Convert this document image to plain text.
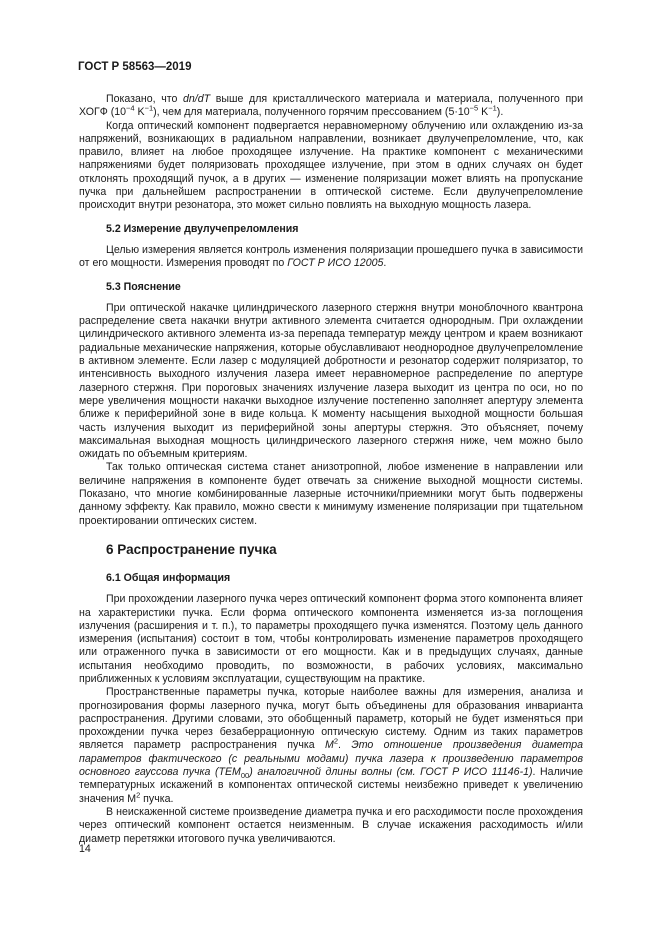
ГОСТ Р 58563—2019

Показано, что dn/dT выше для кристаллического материала и материала, полученного при ХОГФ ($10^{-4}$ $K^{-1}$), чем для материала, полученного горячим прессованием ($5\cdot 10^{-5}$ $K^{-1}$).

Когда оптический компонент подвергается неравномерному облучению или охлаждению из-за напряжений, возникающих в радиальном направлении, возникает двулучепреломление, что, как правило, влияет на любое проходящее излучение. На практике компонент с механическими напряжениями будет поляризовать проходящее излучение, при этом в одних случаях он будет отклонять проходящий пучок, а в других — изменение поляризации может влиять на пропускание пучка при дальнейшем распространении в оптической системе. Если двулучепреломление происходит внутри резонатора, это может сильно повлиять на выходную мощность лазера.

5.2 Измерение двулучепреломления

Целью измерения является контроль изменения поляризации прошедшего пучка в зависимости от его мощности. Измерения проводят по ГОСТ Р ИСО 12005.

5.3 Пояснение

При оптической накачке цилиндрического лазерного стержня внутри моноблочного квантрона распределение света накачки внутри активного элемента считается однородным. При охлаждении цилиндрического активного элемента из-за перепада температур между центром и краем возникают радиальные механические напряжения, которые обуславливают неоднородное двулучепреломление в активном элементе. Если лазер с модуляцией добротности и резонатор содержит поляризатор, то интенсивность выходного излучения лазера имеет неравномерное распределение по апертуре лазерного стержня. При пороговых значениях излучение лазера выходит из центра по оси, но по мере увеличения мощности накачки выходное излучение постепенно заполняет апертуру элемента ближе к периферийной зоне в виде кольца. К моменту насыщения выходной мощности большая часть излучения выходит из периферийной зоны апертуры стержня. Это объясняет, почему максимальная выходная мощность цилиндрического лазерного стержня ниже, чем можно было ожидать по объемным критериям.

Так только оптическая система станет анизотропной, любое изменение в направлении или величине напряжения в компоненте будет отвечать за снижение выходной мощности системы. Показано, что многие комбинированные лазерные источники/приемники могут быть подвержены данному эффекту. Как правило, можно свести к минимуму изменение поляризации при тщательном проектировании оптических систем.

6 Распространение пучка
6.1 Общая информация

При прохождении лазерного пучка через оптический компонент форма этого компонента влияет на характеристики пучка. Если форма оптического компонента изменяется из-за поглощения излучения (расширения и т. п.), то параметры проходящего пучка изменятся. Поэтому цель данного измерения (испытания) состоит в том, чтобы контролировать изменение параметров проходящего или отраженного пучка в зависимости от его мощности. Как и в предыдущих случаях, данные испытания необходимо проводить, по возможности, в рабочих условиях, максимально приближенных к условиям эксплуатации, существующим на практике.

Пространственные параметры пучка, которые наиболее важны для измерения, анализа и прогнозирования формы лазерного пучка, могут быть объединены для образования инварианта распространения. Другими словами, это обобщенный параметр, который не будет изменяться при прохождении пучка через безаберрационную оптическую систему. Одним из таких параметров является параметр распространения пучка $M^2$. Это отношение произведения диаметра параметров фактического (с реальными модами) пучка лазера к произведению параметров основного гауссова пучка $(TEM_{00})$ аналогичной длины волны (см. ГОСТ Р ИСО 11146-1). Наличие температурных искажений в компонентах оптической системы неизбежно приведет к увеличению значения $M^2$ пучка.

В неискаженной системе произведение диаметра пучка и его расходимости после прохождения через оптический компонент остается неизменным. В случае искажения расходимость и/или диаметр перетяжки итогового пучка увеличиваются.

14
